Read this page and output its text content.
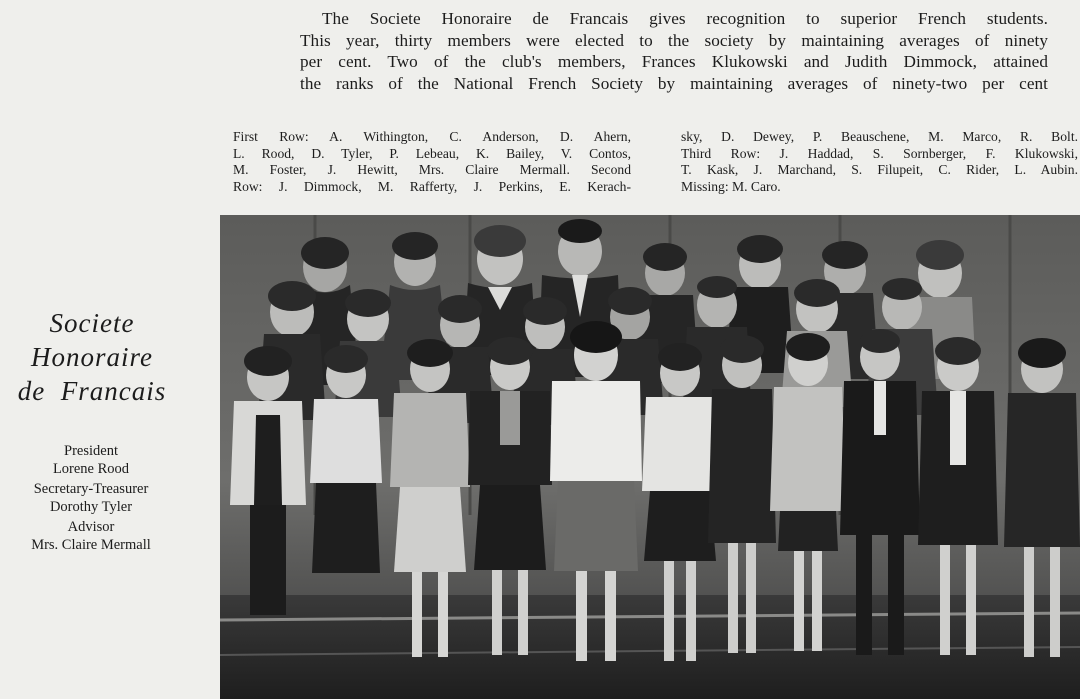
The Societe Honoraire de Francais gives recognition to superior French students.
This year, thirty members were elected to the society by maintaining averages of ninety
per cent. Two of the club's members, Frances Klukowski and Judith Dimmock, attained
the ranks of the National French Society by maintaining averages of ninety-two per cent
First Row: A. Withington, C. Anderson, D. Ahern,
L. Rood, D. Tyler, P. Lebeau, K. Bailey, V. Contos,
M. Foster, J. Hewitt, Mrs. Claire Mermall. Second
Row: J. Dimmock, M. Rafferty, J. Perkins, E. Kerach-
sky, D. Dewey, P. Beauschene, M. Marco, R. Bolt.
Third Row: J. Haddad, S. Sornberger, F. Klukowski,
T. Kask, J. Marchand, S. Filupeit, C. Rider, L. Aubin.
Missing: M. Caro.
Societe
Honoraire
de  Francais
President
Lorene Rood
Secretary-Treasurer
Dorothy Tyler
Advisor
Mrs. Claire Mermall
